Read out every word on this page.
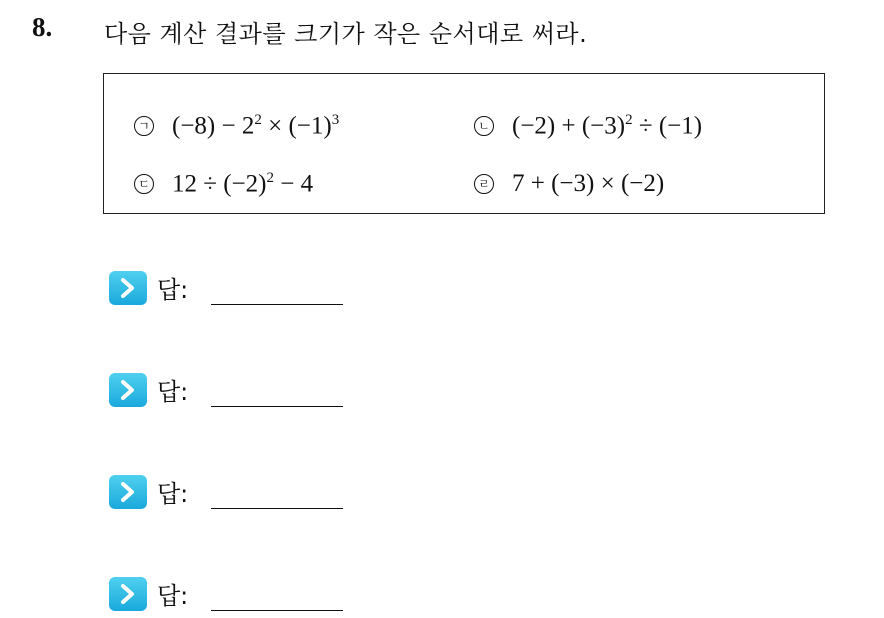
8. 다음 계산 결과를 크기가 작은 순서대로 써라.
ㄱ $(-8) - 2^2 \times (-1)^3$	ㄴ $(-2) + (-3)^2 \div (-1)$
ㄷ $12 \div (-2)^2 - 4$	ㄹ 7 + (−3) × (−2)
답:
답:
답:
답:
